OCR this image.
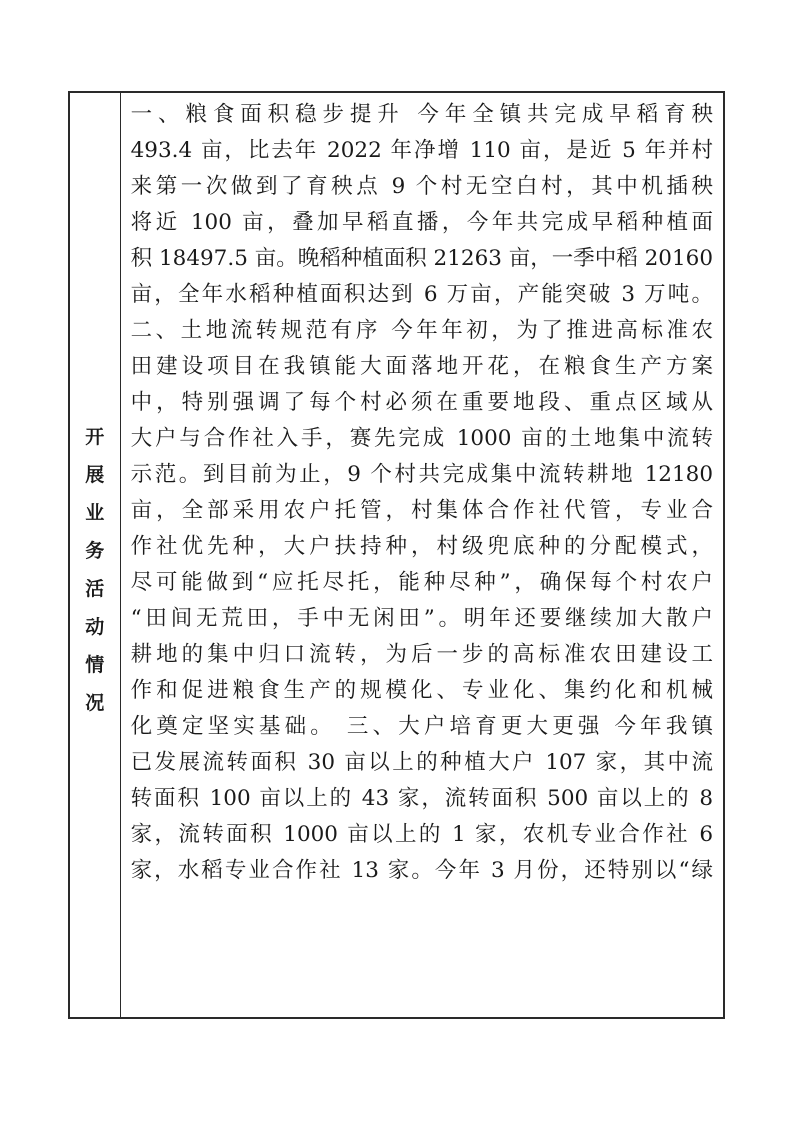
开
展
业
务
活
动
情
况
一、粮食面积稳步提升 今年全镇共完成早稻育秧
493.4 亩，比去年 2022 年净增 110 亩，是近 5 年并村
来第一次做到了育秧点 9 个村无空白村，其中机插秧
将近 100 亩，叠加早稻直播，今年共完成早稻种植面
积 18497.5 亩。晚稻种植面积 21263 亩，一季中稻 20160
亩，全年水稻种植面积达到 6 万亩，产能突破 3 万吨。
二、土地流转规范有序 今年年初，为了推进高标准农
田建设项目在我镇能大面落地开花，在粮食生产方案
中，特别强调了每个村必须在重要地段、重点区域从
大户与合作社入手，赛先完成 1000 亩的土地集中流转
示范。到目前为止，9 个村共完成集中流转耕地 12180
亩，全部采用农户托管，村集体合作社代管，专业合
作社优先种，大户扶持种，村级兜底种的分配模式，
尽可能做到“应托尽托，能种尽种”，确保每个村农户
“田间无荒田，手中无闲田”。明年还要继续加大散户
耕地的集中归口流转，为后一步的高标准农田建设工
作和促进粮食生产的规模化、专业化、集约化和机械
化奠定坚实基础。 三、大户培育更大更强 今年我镇
已发展流转面积 30 亩以上的种植大户 107 家，其中流
转面积 100 亩以上的 43 家，流转面积 500 亩以上的 8
家，流转面积 1000 亩以上的 1 家，农机专业合作社 6
家，水稻专业合作社 13 家。今年 3 月份，还特别以“绿
